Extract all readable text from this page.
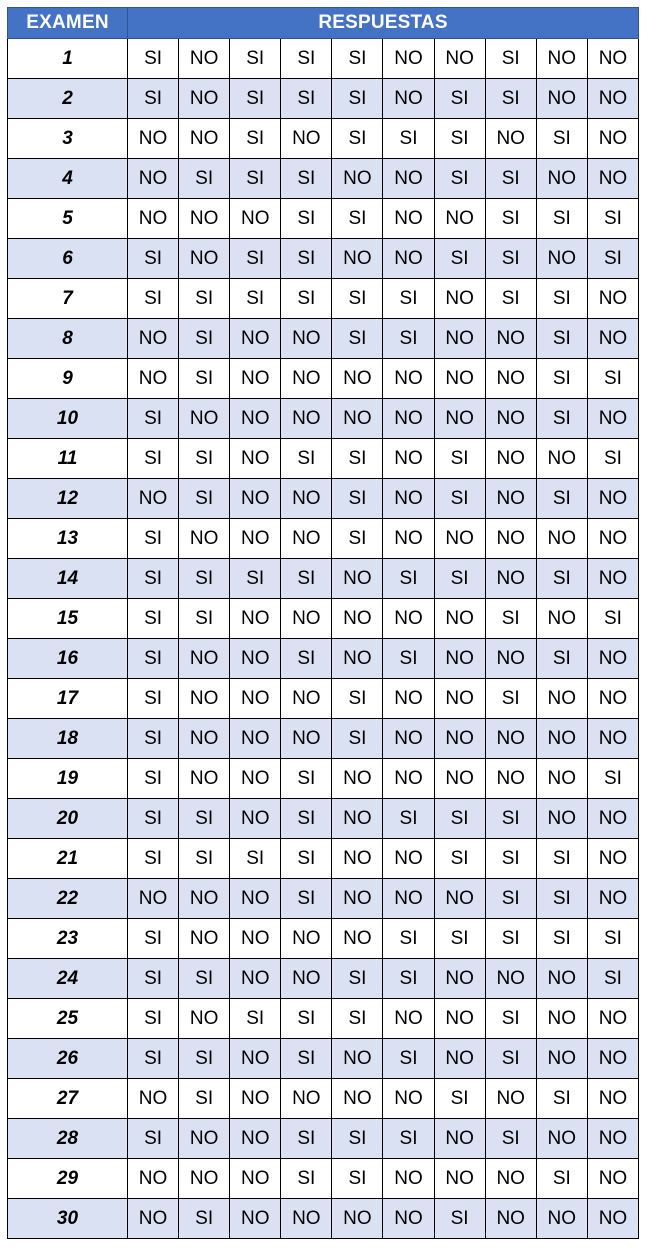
EXAMEN	RESPUESTAS									
1	SI	NO	SI	SI	SI	NO	NO	SI	NO	NO
2	SI	NO	SI	SI	SI	NO	SI	SI	NO	NO
3	NO	NO	SI	NO	SI	SI	SI	NO	SI	NO
4	NO	SI	SI	SI	NO	NO	SI	SI	NO	NO
5	NO	NO	NO	SI	SI	NO	NO	SI	SI	SI
6	SI	NO	SI	SI	NO	NO	SI	SI	NO	SI
7	SI	SI	SI	SI	SI	SI	NO	SI	SI	NO
8	NO	SI	NO	NO	SI	SI	NO	NO	SI	NO
9	NO	SI	NO	NO	NO	NO	NO	NO	SI	SI
10	SI	NO	NO	NO	NO	NO	NO	NO	SI	NO
11	SI	SI	NO	SI	SI	NO	SI	NO	NO	SI
12	NO	SI	NO	NO	SI	NO	SI	NO	SI	NO
13	SI	NO	NO	NO	SI	NO	NO	NO	NO	NO
14	SI	SI	SI	SI	NO	SI	SI	NO	SI	NO
15	SI	SI	NO	NO	NO	NO	NO	SI	NO	SI
16	SI	NO	NO	SI	NO	SI	NO	NO	SI	NO
17	SI	NO	NO	NO	SI	NO	NO	SI	NO	NO
18	SI	NO	NO	NO	SI	NO	NO	NO	NO	NO
19	SI	NO	NO	SI	NO	NO	NO	NO	NO	SI
20	SI	SI	NO	SI	NO	SI	SI	SI	NO	NO
21	SI	SI	SI	SI	NO	NO	SI	SI	SI	NO
22	NO	NO	NO	SI	NO	NO	NO	SI	SI	NO
23	SI	NO	NO	NO	NO	SI	SI	SI	SI	SI
24	SI	SI	NO	NO	SI	SI	NO	NO	NO	SI
25	SI	NO	SI	SI	SI	NO	NO	SI	NO	NO
26	SI	SI	NO	SI	NO	SI	NO	SI	NO	NO
27	NO	SI	NO	NO	NO	NO	SI	NO	SI	NO
28	SI	NO	NO	SI	SI	SI	NO	SI	NO	NO
29	NO	NO	NO	SI	SI	NO	NO	NO	SI	NO
30	NO	SI	NO	NO	NO	NO	SI	NO	NO	NO
